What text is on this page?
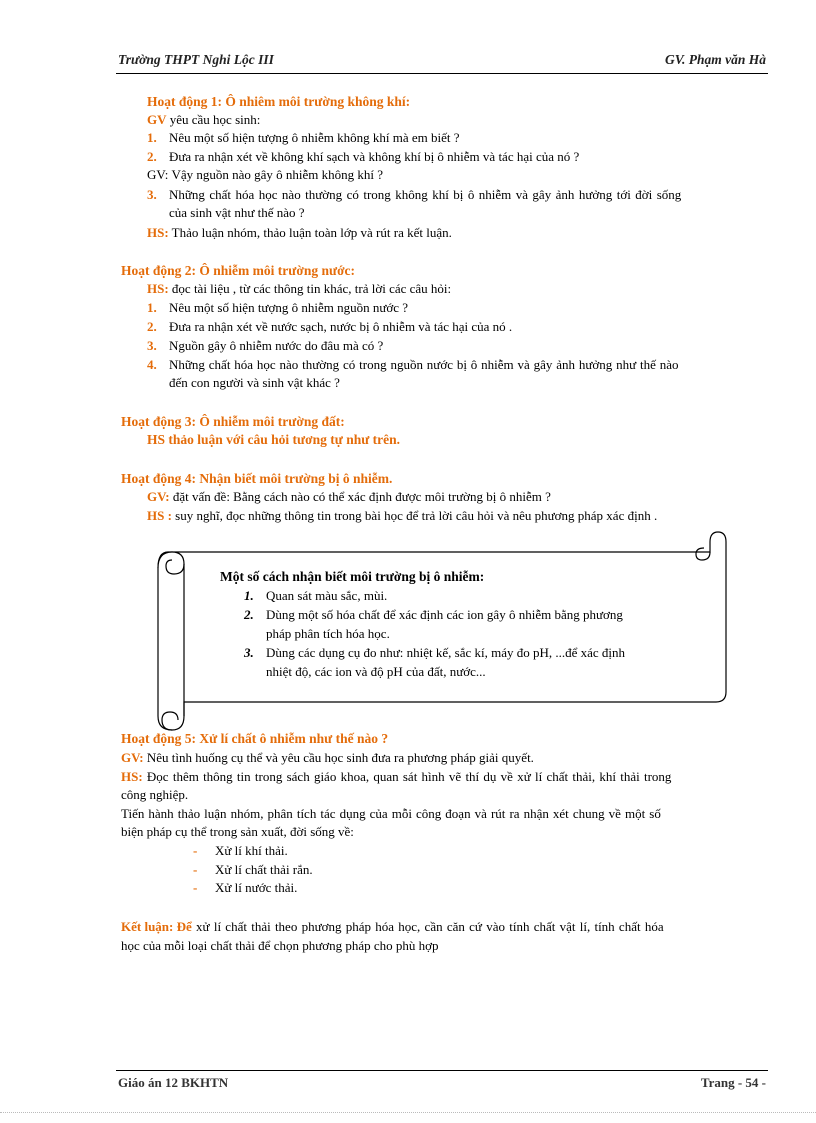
Trường THPT Nghi Lộc III	GV. Phạm văn Hà
Hoạt động 1: Ô nhiêm môi trường không khí:
GV yêu cầu học sinh:
1. Nêu một số hiện tượng ô nhiễm không khí mà em biết ?
2. Đưa ra nhận xét về không khí sạch và không khí bị ô nhiễm và tác hại của nó ?
GV: Vậy nguồn nào gây ô nhiễm không khí ?
3. Những chất hóa học nào thường có trong không khí bị ô nhiễm và gây ảnh hưởng tới đời sống
của sinh vật như thế nào ?
HS: Thảo luận nhóm, thảo luận toàn lớp và rút ra kết luận.
Hoạt động 2: Ô nhiễm môi trường nước:
HS: đọc tài liệu , từ các thông tin khác, trả lời các câu hỏi:
1. Nêu một số hiện tượng ô nhiễm nguồn nước ?
2. Đưa ra nhận xét về nước sạch, nước bị ô nhiễm và tác hại của nó .
3. Nguồn gây ô nhiễm nước do đâu mà có ?
4. Những chất hóa học nào thường có trong nguồn nước bị ô nhiễm và gây ảnh hưởng như thế nào
đến con người và sinh vật khác ?
Hoạt động 3: Ô nhiễm môi trường đất:
HS thảo luận với câu hỏi tương tự như trên.
Hoạt động 4: Nhận biết môi trường bị ô nhiễm.
GV: đặt vấn đề: Bằng cách nào có thể xác định được môi trường bị ô nhiễm ?
HS : suy nghĩ, đọc những thông tin trong bài học để trả lời câu hỏi và nêu phương pháp xác định .
Một số cách nhận biết môi trường bị ô nhiễm:
1. Quan sát màu sắc, mùi.
2. Dùng một số hóa chất để xác định các ion gây ô nhiễm bằng phương
pháp phân tích hóa học.
3. Dùng các dụng cụ đo như: nhiệt kế, sắc kí, máy đo pH, ...để xác định
nhiệt độ, các ion và độ pH của đất, nước...
Hoạt động 5: Xử lí chất ô nhiễm như thế nào ?
GV: Nêu tình huống cụ thể và yêu cầu học sinh đưa ra phương pháp giải quyết.
HS: Đọc thêm thông tin trong sách giáo khoa, quan sát hình vẽ thí dụ về xử lí chất thải, khí thải trong
công nghiệp.
Tiến hành thảo luận nhóm, phân tích tác dụng của mỗi công đoạn và rút ra nhận xét chung về một số
biện pháp cụ thể trong sản xuất, đời sống về:
- Xử lí khí thải.
- Xử lí chất thải rắn.
- Xử lí nước thải.
Kết luận: Để xử lí chất thải theo phương pháp hóa học, cần căn cứ vào tính chất vật lí, tính chất hóa
học của mỗi loại chất thải để chọn phương pháp cho phù hợp
Giáo án 12 BKHTN	Trang - 54 -
